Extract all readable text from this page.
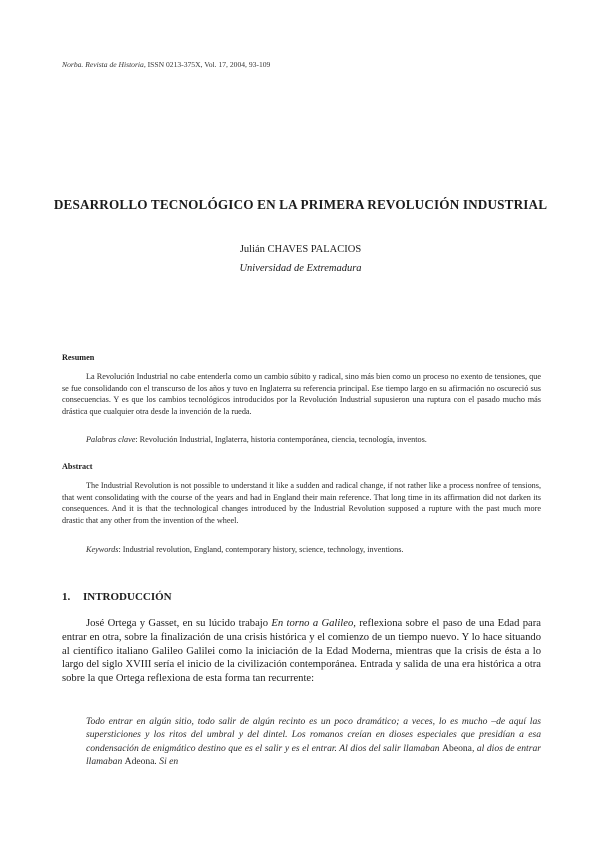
Norba. Revista de Historia, ISSN 0213-375X, Vol. 17, 2004, 93-109
DESARROLLO TECNOLÓGICO EN LA PRIMERA REVOLUCIÓN INDUSTRIAL
Julián CHAVES PALACIOS
Universidad de Extremadura
Resumen
La Revolución Industrial no cabe entenderla como un cambio súbito y radical, sino más bien como un proceso no exento de tensiones, que se fue consolidando con el transcurso de los años y tuvo en Inglaterra su referencia principal. Ese tiempo largo en su afirmación no oscureció sus consecuencias. Y es que los cambios tecnológicos introducidos por la Revolución Industrial supusieron una ruptura con el pasado mucho más drástica que cualquier otra desde la invención de la rueda.
Palabras clave: Revolución Industrial, Inglaterra, historia contemporánea, ciencia, tecnología, inventos.
Abstract
The Industrial Revolution is not possible to understand it like a sudden and radical change, if not rather like a process nonfree of tensions, that went consolidating with the course of the years and had in England their main reference. That long time in its affirmation did not darken its consequences. And it is that the technological changes introduced by the Industrial Revolution supposed a rupture with the past much more drastic that any other from the invention of the wheel.
Keywords: Industrial revolution, England, contemporary history, science, technology, inventions.
1. INTRODUCCIÓN
José Ortega y Gasset, en su lúcido trabajo En torno a Galileo, reflexiona sobre el paso de una Edad para entrar en otra, sobre la finalización de una crisis histórica y el comienzo de un tiempo nuevo. Y lo hace situando al científico italiano Galileo Galilei como la iniciación de la Edad Moderna, mientras que la crisis de ésta a lo largo del siglo XVIII sería el inicio de la civilización contemporánea. Entrada y salida de una era histórica a otra sobre la que Ortega reflexiona de esta forma tan recurrente:
Todo entrar en algún sitio, todo salir de algún recinto es un poco dramático; a veces, lo es mucho –de aquí las supersticiones y los ritos del umbral y del dintel. Los romanos creían en dioses especiales que presidían a esa condensación de enigmático destino que es el salir y es el entrar. Al dios del salir llamaban Abeona, al dios de entrar llamaban Adeona. Si en
